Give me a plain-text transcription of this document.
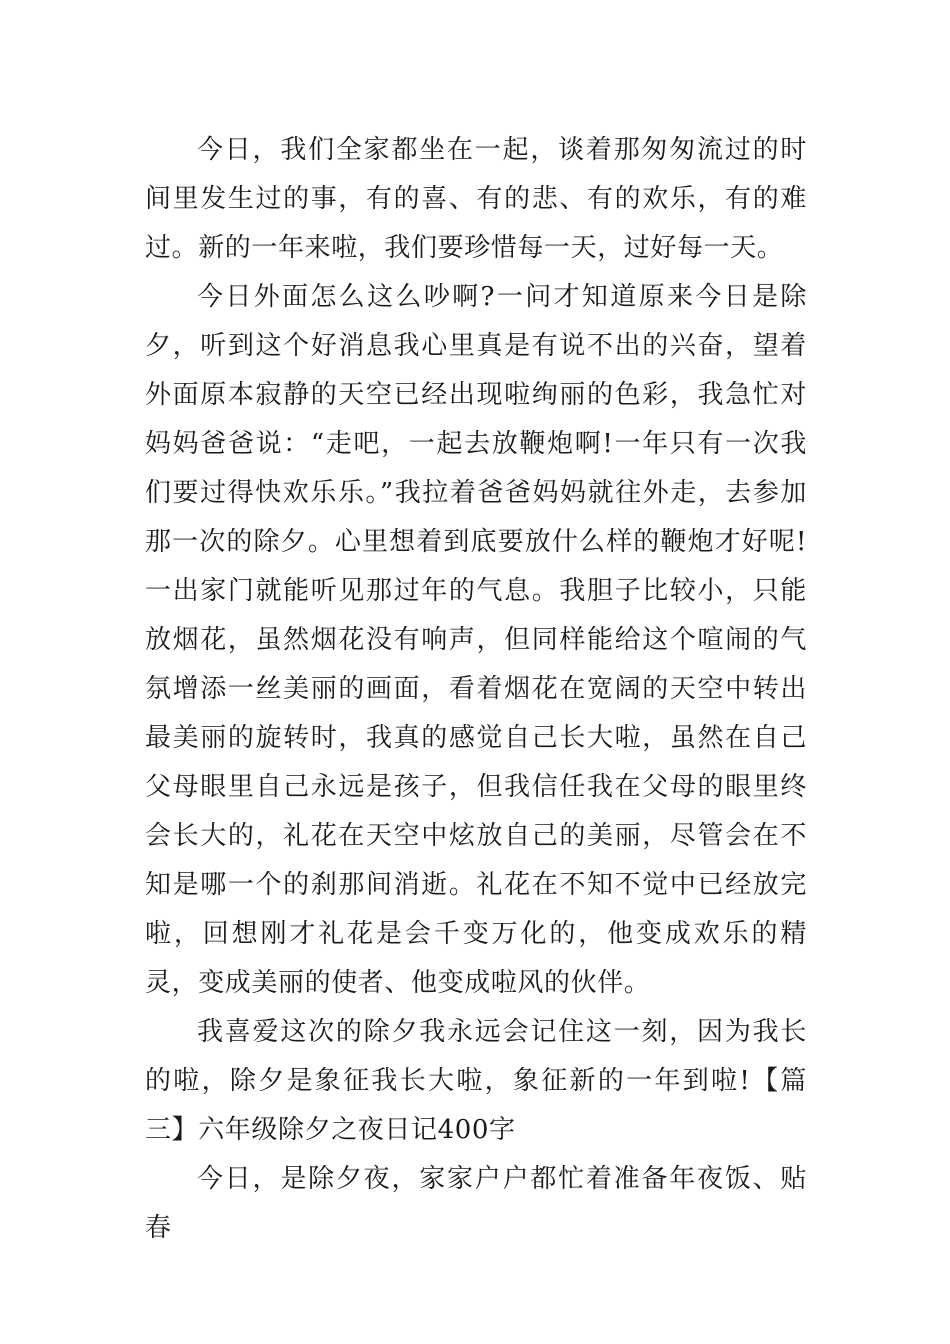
今日，我们全家都坐在一起，谈着那匆匆流过的时间里发生过的事，有的喜、有的悲、有的欢乐，有的难过。新的一年来啦，我们要珍惜每一天，过好每一天。

今日外面怎么这么吵啊?一问才知道原来今日是除夕，听到这个好消息我心里真是有说不出的兴奋，望着外面原本寂静的天空已经出现啦绚丽的色彩，我急忙对妈妈爸爸说：“走吧，一起去放鞭炮啊!一年只有一次我们要过得快欢乐乐。”我拉着爸爸妈妈就往外走，去参加那一次的除夕。心里想着到底要放什么样的鞭炮才好呢!一出家门就能听见那过年的气息。我胆子比较小，只能放烟花，虽然烟花没有响声，但同样能给这个喧闹的气氛增添一丝美丽的画面，看着烟花在宽阔的天空中转出最美丽的旋转时，我真的感觉自己长大啦，虽然在自己父母眼里自己永远是孩子，但我信任我在父母的眼里终会长大的，礼花在天空中炫放自己的美丽，尽管会在不知是哪一个的刹那间消逝。礼花在不知不觉中已经放完啦，回想刚才礼花是会千变万化的，他变成欢乐的精灵，变成美丽的使者、他变成啦风的伙伴。

我喜爱这次的除夕我永远会记住这一刻，因为我长的啦，除夕是象征我长大啦，象征新的一年到啦!【篇三】六年级除夕之夜日记400字

今日，是除夕夜，家家户户都忙着准备年夜饭、贴春
